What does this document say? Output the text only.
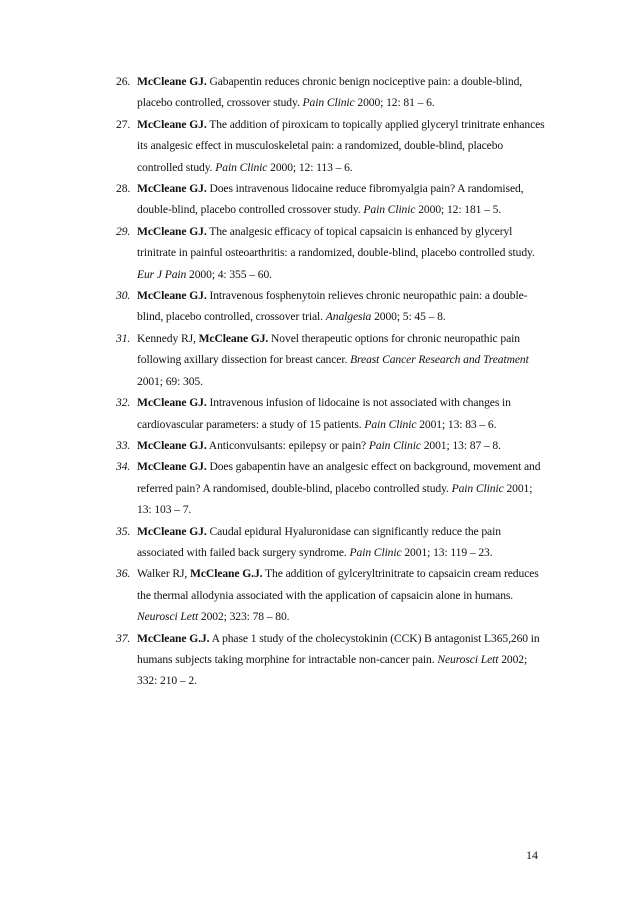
26. McCleane GJ. Gabapentin reduces chronic benign nociceptive pain: a double-blind, placebo controlled, crossover study. Pain Clinic 2000; 12: 81 – 6.
27. McCleane GJ. The addition of piroxicam to topically applied glyceryl trinitrate enhances its analgesic effect in musculoskeletal pain: a randomized, double-blind, placebo controlled study. Pain Clinic 2000; 12: 113 – 6.
28. McCleane GJ. Does intravenous lidocaine reduce fibromyalgia pain? A randomised, double-blind, placebo controlled crossover study. Pain Clinic 2000; 12: 181 – 5.
29. McCleane GJ. The analgesic efficacy of topical capsaicin is enhanced by glyceryl trinitrate in painful osteoarthritis: a randomized, double-blind, placebo controlled study. Eur J Pain 2000; 4: 355 – 60.
30. McCleane GJ. Intravenous fosphenytoin relieves chronic neuropathic pain: a double-blind, placebo controlled, crossover trial. Analgesia 2000; 5: 45 – 8.
31. Kennedy RJ, McCleane GJ. Novel therapeutic options for chronic neuropathic pain following axillary dissection for breast cancer. Breast Cancer Research and Treatment 2001; 69: 305.
32. McCleane GJ. Intravenous infusion of lidocaine is not associated with changes in cardiovascular parameters: a study of 15 patients. Pain Clinic 2001; 13: 83 – 6.
33. McCleane GJ. Anticonvulsants: epilepsy or pain? Pain Clinic 2001; 13: 87 – 8.
34. McCleane GJ. Does gabapentin have an analgesic effect on background, movement and referred pain? A randomised, double-blind, placebo controlled study. Pain Clinic 2001; 13: 103 – 7.
35. McCleane GJ. Caudal epidural Hyaluronidase can significantly reduce the pain associated with failed back surgery syndrome. Pain Clinic 2001; 13: 119 – 23.
36. Walker RJ, McCleane G.J. The addition of gylceryltrinitrate to capsaicin cream reduces the thermal allodynia associated with the application of capsaicin alone in humans. Neurosci Lett 2002; 323: 78 – 80.
37. McCleane G.J. A phase 1 study of the cholecystokinin (CCK) B antagonist L365,260 in humans subjects taking morphine for intractable non-cancer pain. Neurosci Lett 2002; 332: 210 – 2.
14
